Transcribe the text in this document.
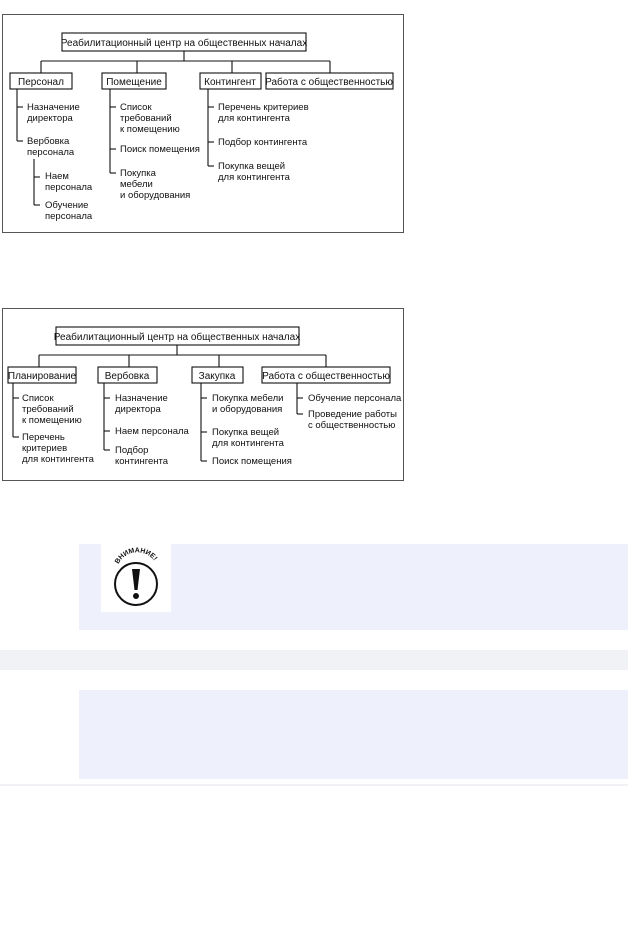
Реабилитационный центр на общественных началах
Персонал	Помещение	Контингент Работа с общественностью
Назначение директора
Вербовка персонала
Наем персонала
Обучение персонала
Список требований к помещению
Поиск помещения
Покупка мебели и оборудования
Перечень критериев для контингента
Подбор контингента
Покупка вещей для контингента
Реабилитационный центр на общественных началах
Планирование	Вербовка	Закупка	Работа с общественностью
Список требований к помещению
Перечень критериев для контингента
Назначение директора
Наем персонала
Подбор контингента
Покупка мебели и оборудования
Покупка вещей для контингента
Поиск помещения
Обучение персонала
Проведение работы с общественностью
ВНИМАНИЕ!
